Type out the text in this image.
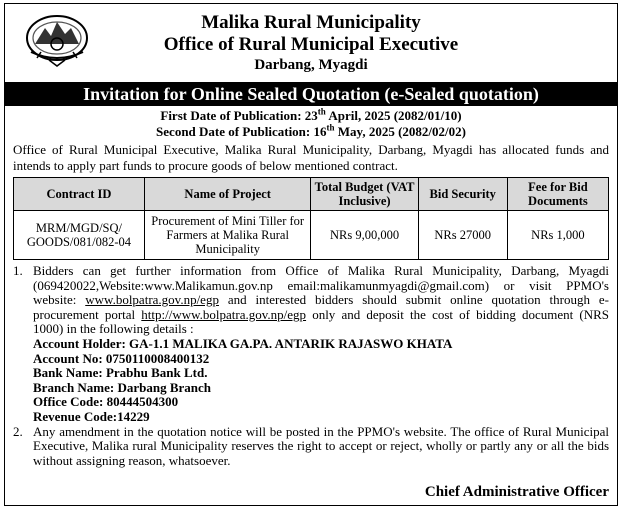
Malika Rural Municipality
Office of Rural Municipal Executive
Darbang, Myagdi
Invitation for Online Sealed Quotation (e-Sealed quotation)
First Date of Publication: 23th April, 2025 (2082/01/10)
Second Date of Publication: 16th May, 2025 (2082/02/02)
Office of Rural Municipal Executive, Malika Rural Municipality, Darbang, Myagdi has allocated funds and intends to apply part funds to procure goods of below mentioned contract.
Contract ID	Name of Project	Total Budget (VAT Inclusive)	Bid Security	Fee for Bid Documents
MRM/MGD/SQ/ GOODS/081/082-04	Procurement of Mini Tiller for Farmers at Malika Rural Municipality	NRs 9,00,000	NRs 27000	NRs 1,000
1. Bidders can get further information from Office of Malika Rural Municipality, Darbang, Myagdi (069420022,Website:www.Malikamun.gov.np email:malikamunmyagdi@gmail.com) or visit PPMO's website: www.bolpatra.gov.np/egp and interested bidders should submit online quotation through e-procurement portal http://www.bolpatra.gov.np/egp only and deposit the cost of bidding document (NRS 1000) in the following details :
Account Holder: GA-1.1 MALIKA GA.PA. ANTARIK RAJASWO KHATA
Account No: 0750110008400132
Bank Name: Prabhu Bank Ltd.
Branch Name: Darbang Branch
Office Code: 80444504300
Revenue Code:14229
2. Any amendment in the quotation notice will be posted in the PPMO's website. The office of Rural Municipal Executive, Malika rural Municipality reserves the right to accept or reject, wholly or partly any or all the bids without assigning reason, whatsoever.
Chief Administrative Officer
